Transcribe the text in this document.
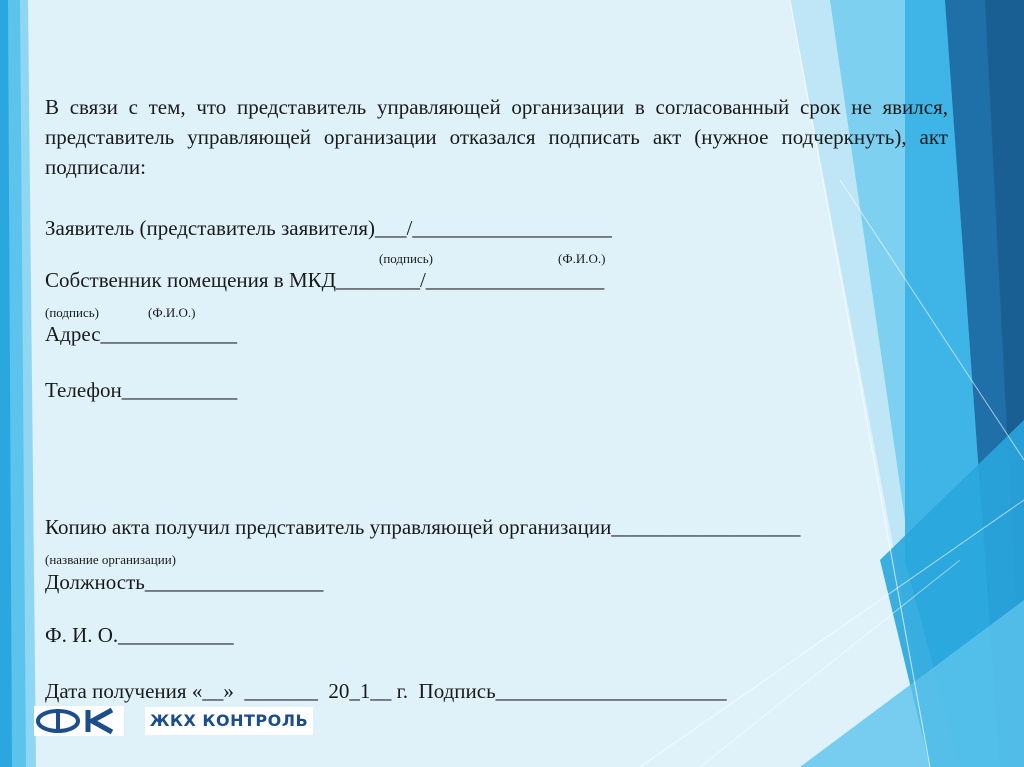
В связи с тем, что представитель управляющей организации в согласованный срок не явился, представитель управляющей организации отказался подписать акт (нужное подчеркнуть), акт подписали:
Заявитель (представитель заявителя)___/___________________
(подпись)	(Ф.И.О.)
Собственник помещения в МКД________/_________________
(подпись)	(Ф.И.О.)
Адрес_____________
Телефон___________
Копию акта получил представитель управляющей организации__________________
(название организации)
Должность_________________
Ф. И. О.___________
Дата получения «__»  _______  20_1__ г.  Подпись______________________
ЖКХ КОНТРОЛЬ
